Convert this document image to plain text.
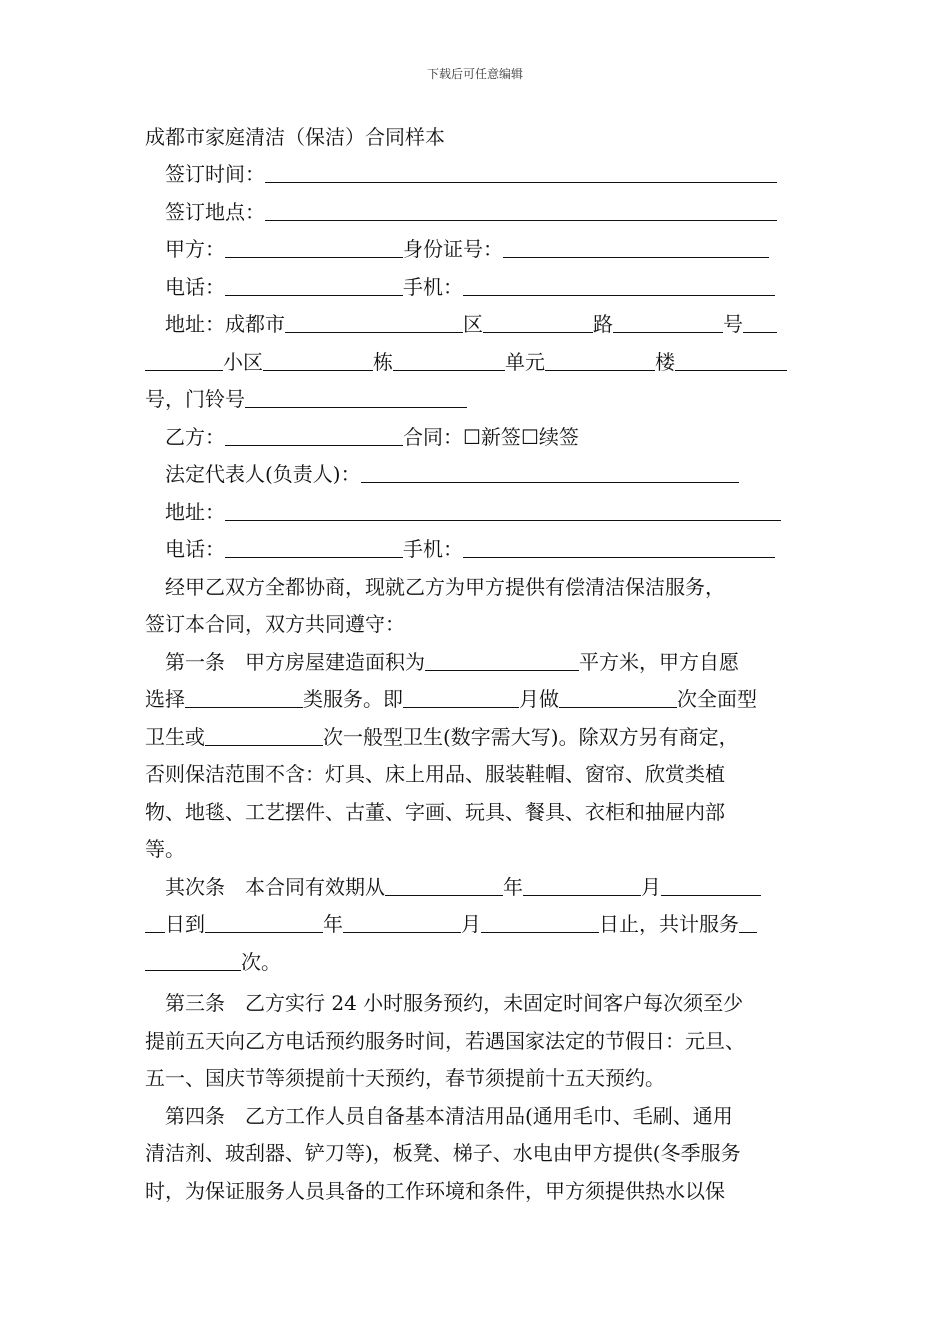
下载后可任意编辑
成都市家庭清洁（保洁）合同样本
签订时间：
签订地点：
甲方：	身份证号：
电话：	手机：
地址：成都市	区	路	号
小区	栋	单元	楼
号，门铃号
乙方：	合同：☐新签☐续签
法定代表人(负责人)：
地址：
电话：	手机：
经甲乙双方全都协商，现就乙方为甲方提供有偿清洁保洁服务，
签订本合同，双方共同遵守：
第一条　甲方房屋建造面积为	平方米，甲方自愿
选择	类服务。即	月做	次全面型
卫生或	次一般型卫生(数字需大写)。除双方另有商定，
否则保洁范围不含：灯具、床上用品、服装鞋帽、窗帘、欣赏类植
物、地毯、工艺摆件、古董、字画、玩具、餐具、衣柜和抽屉内部
等。
其次条　本合同有效期从	年	月
日到	年	月	日止，共计服务
次。
第三条　乙方实行 24 小时服务预约，未固定时间客户每次须至少
提前五天向乙方电话预约服务时间，若遇国家法定的节假日：元旦、
五一、国庆节等须提前十天预约，春节须提前十五天预约。
第四条　乙方工作人员自备基本清洁用品(通用毛巾、毛刷、通用
清洁剂、玻刮器、铲刀等)，板凳、梯子、水电由甲方提供(冬季服务
时，为保证服务人员具备的工作环境和条件，甲方须提供热水以保
